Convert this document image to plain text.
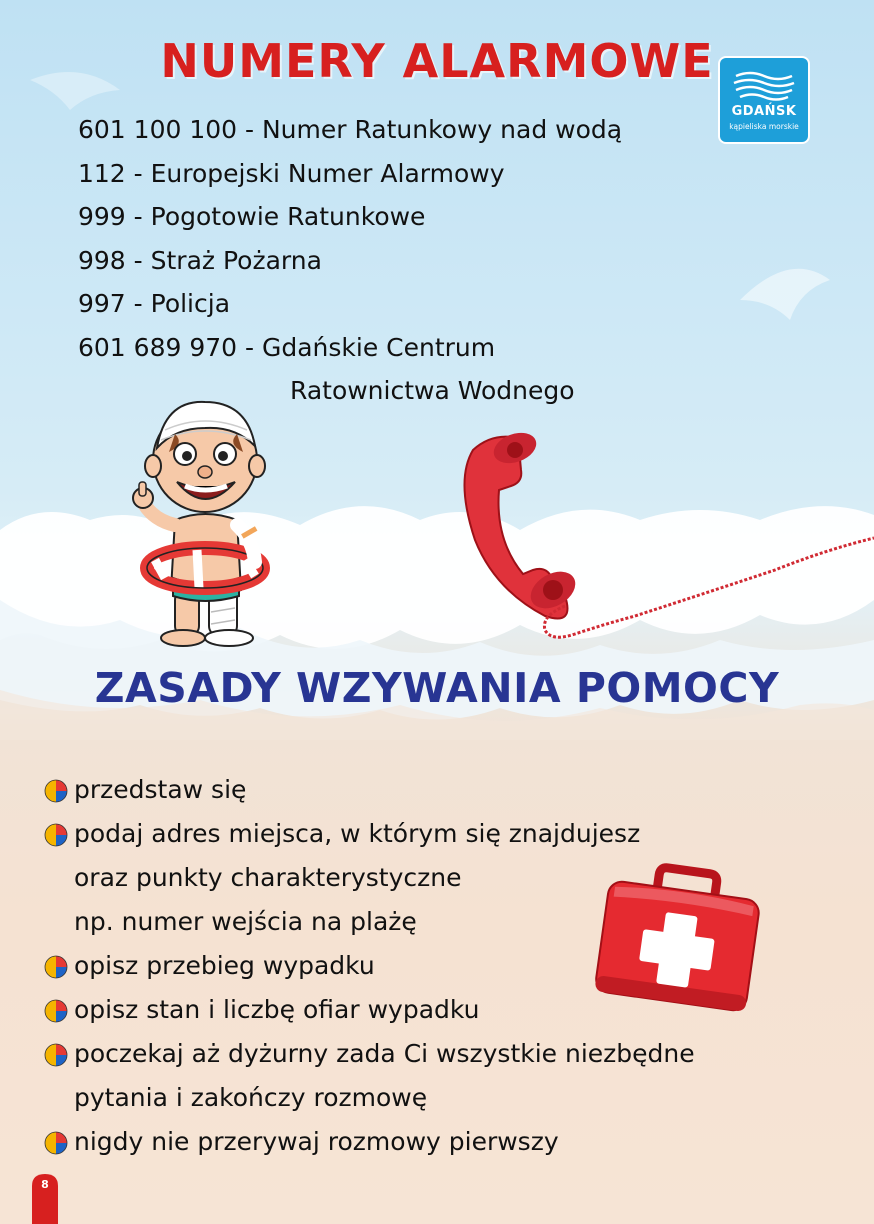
NUMERY ALARMOWE
GDAŃSK
kąpieliska morskie
601 100 100 - Numer Ratunkowy nad wodą
112 - Europejski Numer Alarmowy
999 - Pogotowie Ratunkowe
998 - Straż Pożarna
997 - Policja
601 689 970 - Gdańskie Centrum
Ratownictwa Wodnego
ZASADY WZYWANIA POMOCY
przedstaw się
podaj adres miejsca, w którym się znajdujesz
oraz punkty charakterystyczne
np. numer wejścia na plażę
opisz przebieg wypadku
opisz stan i liczbę ofiar wypadku
poczekaj aż dyżurny zada Ci wszystkie niezbędne
pytania i zakończy rozmowę
nigdy nie przerywaj rozmowy pierwszy
8
